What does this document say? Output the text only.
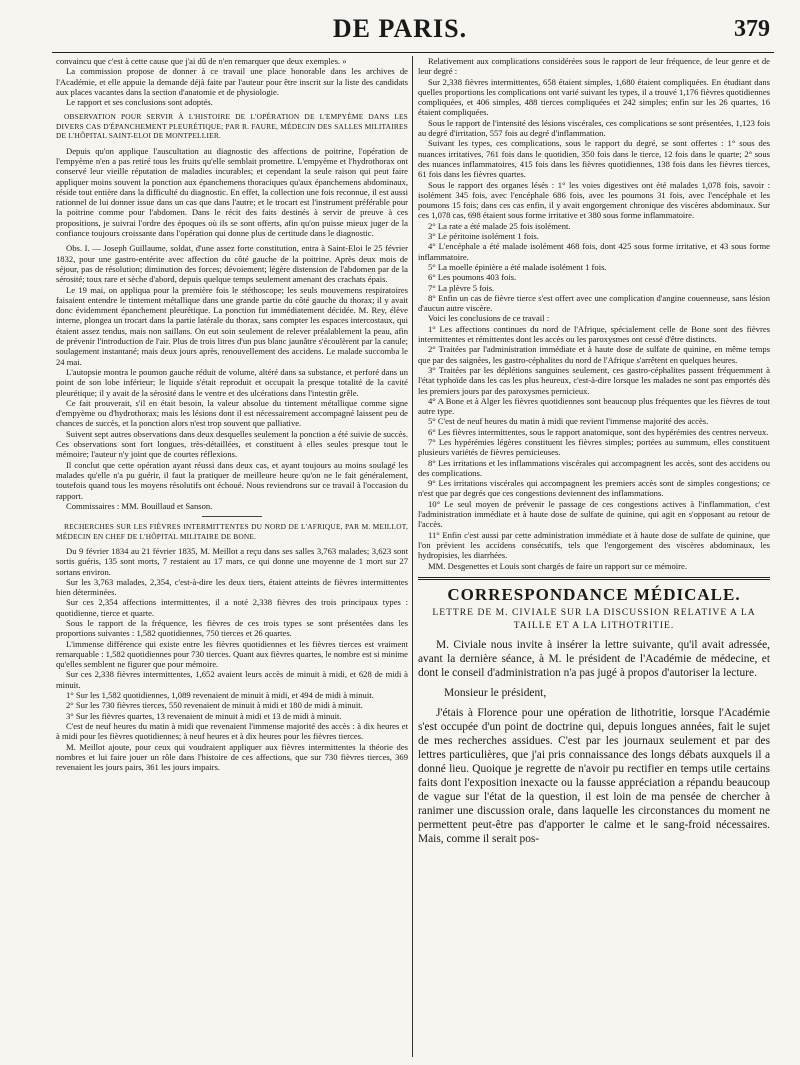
DE PARIS.	379

convaincu que c'est à cette cause que j'ai dû de n'en remarquer que deux exemples. »

La commission propose de donner à ce travail une place honorable dans les archives de l'Académie, et elle appuie la demande déjà faite par l'auteur pour être inscrit sur la liste des candidats aux places vacantes dans la section d'anatomie et de physiologie.

Le rapport et ses conclusions sont adoptés.

OBSERVATION POUR SERVIR À L'HISTOIRE DE L'OPÉRATION DE L'EMPYÈME DANS LES DIVERS CAS D'ÉPANCHEMENT PLEURÉTIQUE; PAR R. FAURE, MÉDECIN DES SALLES MILITAIRES DE L'HÔPITAL SAINT-ELOI DE MONTPELLIER.

Depuis qu'on applique l'auscultation au diagnostic des affections de poitrine, l'opération de l'empyème n'en a pas retiré tous les fruits qu'elle semblait promettre. L'empyème et l'hydrothorax ont conservé leur vieille réputation de maladies incurables; et cependant la seule raison qui peut faire appliquer moins souvent la ponction aux épanchemens thoraciques qu'aux épanchemens abdominaux, réside tout entière dans la difficulté du diagnostic. En effet, la collection une fois reconnue, il est aussi rationnel de lui donner issue dans un cas que dans l'autre; et le trocart est l'instrument préférable pour la poitrine comme pour l'abdomen. Dans le récit des faits destinés à servir de preuve à ces propositions, je suivrai l'ordre des époques où ils se sont offerts, afin qu'on puisse mieux juger de la confiance toujours croissante dans l'opération qui donne plus de certitude dans le diagnostic.

Obs. I. — Joseph Guillaume, soldat, d'une assez forte constitution, entra à Saint-Eloi le 25 février 1832, pour une gastro-entérite avec affection du côté gauche de la poitrine. Après deux mois de séjour, pas de résolution; diminution des forces; dévoiement; légère distension de l'abdomen par de la sérosité; toux rare et sèche d'abord, depuis quelque temps seulement amenant des crachats épais.

Le 19 mai, on appliqua pour la première fois le stéthoscope; les seuls mouvemens respiratoires faisaient entendre le tintement métallique dans une grande partie du côté gauche du thorax; il y avait donc évidemment épanchement pleurétique. La ponction fut immédiatement décidée. M. Rey, élève interne, plongea un trocart dans la partie latérale du thorax, sans compter les espaces intercostaux, qui étaient assez tendus, mais non saillans. On eut soin seulement de relever préalablement la peau, afin de prévenir l'introduction de l'air. Plus de trois litres d'un pus blanc jaunâtre s'écoulèrent par la canule; soulagement instantané; mais deux jours après, renouvellement des accidens. Le malade succomba le 24 mai.

L'autopsie montra le poumon gauche réduit de volume, altéré dans sa substance, et perforé dans un point de son lobe inférieur; le liquide s'était reproduit et occupait la presque totalité de la cavité pleurétique; il y avait de la sérosité dans le ventre et des ulcérations dans l'intestin grêle.

Ce fait prouverait, s'il en était besoin, la valeur absolue du tintement métallique comme signe d'empyème ou d'hydrothorax; mais les lésions dont il est nécessairement accompagné laissent peu de chances de succès, et la ponction alors n'est trop souvent que palliative.

Suivent sept autres observations dans deux desquelles seulement la ponction a été suivie de succès. Ces observations sont fort longues, très-détaillées, et constituent à elles seules presque tout le mémoire; l'auteur n'y joint que de courtes réflexions.

Il conclut que cette opération ayant réussi dans deux cas, et ayant toujours au moins soulagé les malades qu'elle n'a pu guérir, il faut la pratiquer de meilleure heure qu'on ne le fait généralement, toutefois quand tous les moyens résolutifs ont échoué. Nous reviendrons sur ce travail à l'occasion du rapport.

Commissaires : MM. Bouillaud et Sanson.

RECHERCHES SUR LES FIÈVRES INTERMITTENTES DU NORD DE L'AFRIQUE, PAR M. MEILLOT, MÉDECIN EN CHEF DE L'HÔPITAL MILITAIRE DE BONE.

Du 9 février 1834 au 21 février 1835, M. Meillot a reçu dans ses salles 3,763 malades; 3,623 sont sortis guéris, 135 sont morts, 7 restaient au 17 mars, ce qui donne une moyenne de 1 mort sur 27 sortans environ.

Sur les 3,763 malades, 2,354, c'est-à-dire les deux tiers, étaient atteints de fièvres intermittentes bien déterminées.

Sur ces 2,354 affections intermittentes, il a noté 2,338 fièvres des trois principaux types : quotidienne, tierce et quarte.

Sous le rapport de la fréquence, les fièvres de ces trois types se sont présentées dans les proportions suivantes : 1,582 quotidiennes, 750 tierces et 26 quartes.

L'immense différence qui existe entre les fièvres quotidiennes et les fièvres tierces est vraiment remarquable : 1,582 quotidiennes pour 730 tierces. Quant aux fièvres quartes, le nombre est si minime qu'elles semblent ne figurer que pour mémoire.

Sur ces 2,338 fièvres intermittentes, 1,652 avaient leurs accès de minuit à midi, et 628 de midi à minuit.

1° Sur les 1,582 quotidiennes, 1,089 revenaient de minuit à midi, et 494 de midi à minuit.

2° Sur les 730 fièvres tierces, 550 revenaient de minuit à midi et 180 de midi à minuit.

3° Sur les fièvres quartes, 13 revenaient de minuit à midi et 13 de midi à minuit.

C'est de neuf heures du matin à midi que revenaient l'immense majorité des accès : à dix heures et à midi pour les fièvres quotidiennes; à neuf heures et à dix heures pour les fièvres tierces.

M. Meillot ajoute, pour ceux qui voudraient appliquer aux fièvres intermittentes la théorie des nombres et lui faire jouer un rôle dans l'histoire de ces affections, que sur 730 fièvres tierces, 369 revenaient les jours pairs, 361 les jours impairs.

Relativement aux complications considérées sous le rapport de leur fréquence, de leur genre et de leur degré :

Sur 2,338 fièvres intermittentes, 658 étaient simples, 1,680 étaient compliquées. En étudiant dans quelles proportions les complications ont varié suivant les types, il a trouvé 1,176 fièvres quotidiennes compliquées, et 406 simples, 488 tierces compliquées et 242 simples; enfin sur les 26 quartes, 16 étaient compliquées.

Sous le rapport de l'intensité des lésions viscérales, ces complications se sont présentées, 1,123 fois au degré d'irritation, 557 fois au degré d'inflammation.

Suivant les types, ces complications, sous le rapport du degré, se sont offertes : 1° sous des nuances irritatives, 761 fois dans le quotidien, 350 fois dans le tierce, 12 fois dans le quarte; 2° sous des nuances inflammatoires, 415 fois dans les fièvres quotidiennes, 138 fois dans les fièvres tierces, 61 fois dans les fièvres quartes.

Sous le rapport des organes lésés : 1° les voies digestives ont été malades 1,078 fois, savoir : isolément 345 fois, avec l'encéphale 686 fois, avec les poumons 31 fois, avec l'encéphale et les poumons 15 fois; dans ces cas enfin, il y avait engorgement chronique des viscères abdominaux. Sur ces 1,078 cas, 698 étaient sous forme irritative et 380 sous forme inflammatoire.

2° La rate a été malade 25 fois isolément.

3° Le péritoine isolément 1 fois.

4° L'encéphale a été malade isolément 468 fois, dont 425 sous forme irritative, et 43 sous forme inflammatoire.

5° La moelle épinière a été malade isolément 1 fois.

6° Les poumons 403 fois.

7° La plèvre 5 fois.

8° Enfin un cas de fièvre tierce s'est offert avec une complication d'angine couenneuse, sans lésion d'aucun autre viscère.

Voici les conclusions de ce travail :

1° Les affections continues du nord de l'Afrique, spécialement celle de Bone sont des fièvres intermittentes et rémittentes dont les accès ou les paroxysmes ont cessé d'être distincts.

2° Traitées par l'administration immédiate et à haute dose de sulfate de quinine, en même temps que par des saignées, les gastro-céphalites du nord de l'Afrique s'arrêtent en quelques heures.

3° Traitées par les déplétions sanguines seulement, ces gastro-céphalites passent fréquemment à l'état typhoïde dans les cas les plus heureux, c'est-à-dire lorsque les malades ne sont pas emportés dès les premiers jours par des paroxysmes pernicieux.

4° A Bone et à Alger les fièvres quotidiennes sont beaucoup plus fréquentes que les fièvres de tout autre type.

5° C'est de neuf heures du matin à midi que revient l'immense majorité des accès.

6° Les fièvres intermittentes, sous le rapport anatomique, sont des hypérémies des centres nerveux.

7° Les hypérémies légères constituent les fièvres simples; portées au summum, elles constituent plusieurs variétés de fièvres pernicieuses.

8° Les irritations et les inflammations viscérales qui accompagnent les accès, sont des accidens ou des complications.

9° Les irritations viscérales qui accompagnent les premiers accès sont de simples congestions; ce n'est que par degrés que ces congestions deviennent des inflammations.

10° Le seul moyen de prévenir le passage de ces congestions actives à l'inflammation, c'est l'administration immédiate et à haute dose de sulfate de quinine, qui agit en s'opposant au retour de l'accès.

11° Enfin c'est aussi par cette administration immédiate et à haute dose de sulfate de quinine, que l'on prévient les accidens consécutifs, tels que l'engorgement des viscères abdominaux, les hydropisies, les diarrhées.

MM. Desgenettes et Louis sont chargés de faire un rapport sur ce mémoire.

CORRESPONDANCE MÉDICALE.
LETTRE DE M. CIVIALE SUR LA DISCUSSION RELATIVE A LA TAILLE ET A LA LITHOTRITIE.

M. Civiale nous invite à insérer la lettre suivante, qu'il avait adressée, avant la dernière séance, à M. le président de l'Académie de médecine, et dont le conseil d'administration n'a pas jugé à propos d'autoriser la lecture.

Monsieur le président,

J'étais à Florence pour une opération de lithotritie, lorsque l'Académie s'est occupée d'un point de doctrine qui, depuis longues années, fait le sujet de mes recherches assidues. C'est par les journaux seulement et par des lettres particulières, que j'ai pris connaissance des longs débats auxquels il a donné lieu. Quoique je regrette de n'avoir pu rectifier en temps utile certains faits dont l'exposition inexacte ou la fausse appréciation a répandu beaucoup de vague sur l'état de la question, il est loin de ma pensée de chercher à ranimer une discussion orale, dans laquelle les circonstances du moment ne permettent peut-être pas d'apporter le calme et le sang-froid nécessaires. Mais, comme il serait pos-
